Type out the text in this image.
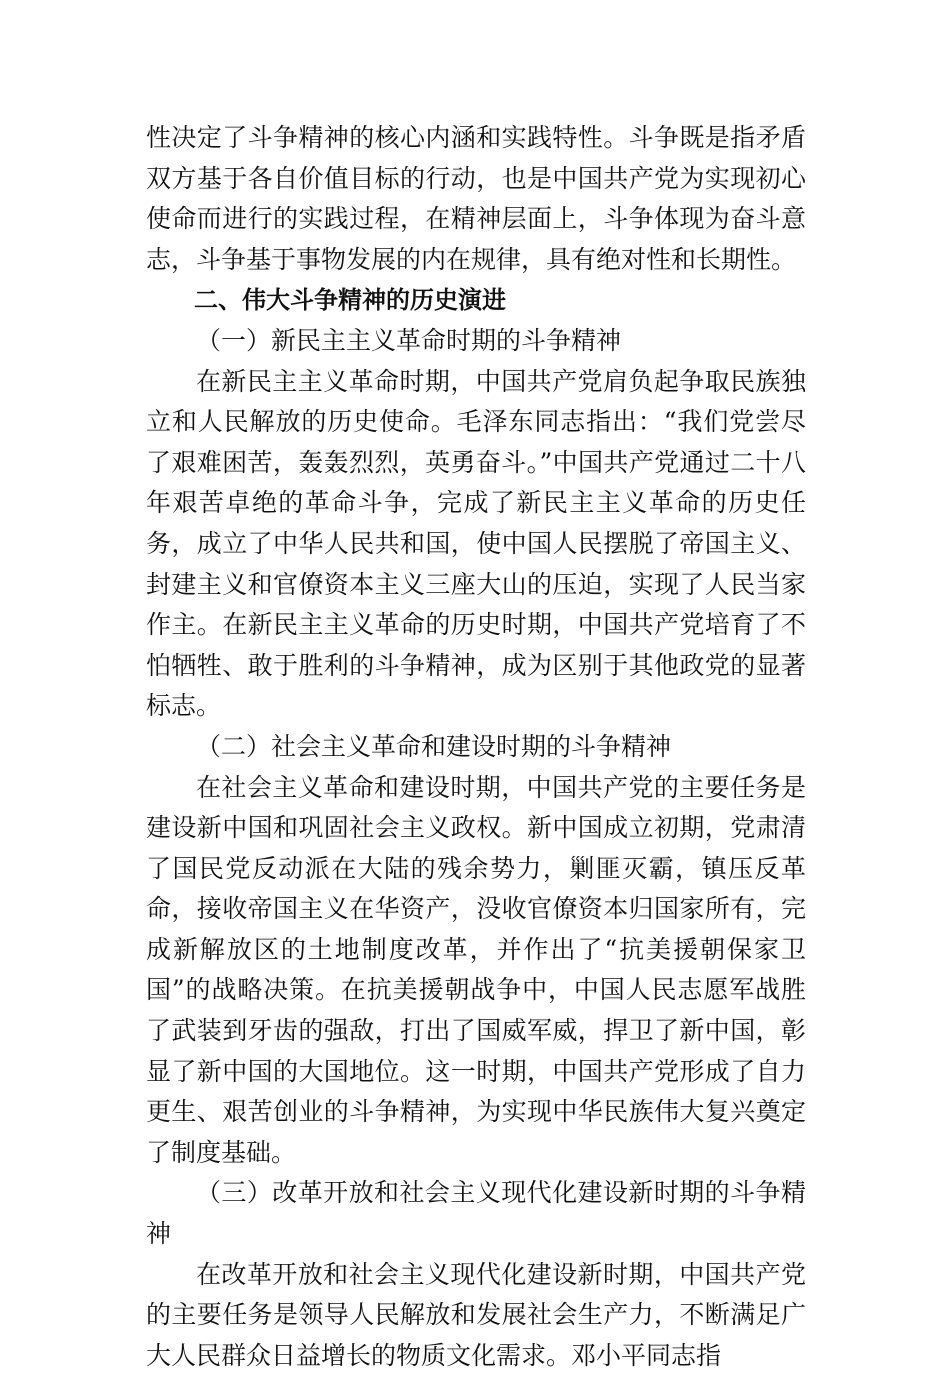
性决定了斗争精神的核心内涵和实践特性。斗争既是指矛盾双方基于各自价值目标的行动，也是中国共产党为实现初心使命而进行的实践过程，在精神层面上，斗争体现为奋斗意志，斗争基于事物发展的内在规律，具有绝对性和长期性。

二、伟大斗争精神的历史演进
（一）新民主主义革命时期的斗争精神

在新民主主义革命时期，中国共产党肩负起争取民族独立和人民解放的历史使命。毛泽东同志指出：“我们党尝尽了艰难困苦，轰轰烈烈，英勇奋斗。”中国共产党通过二十八年艰苦卓绝的革命斗争，完成了新民主主义革命的历史任务，成立了中华人民共和国，使中国人民摆脱了帝国主义、封建主义和官僚资本主义三座大山的压迫，实现了人民当家作主。在新民主主义革命的历史时期，中国共产党培育了不怕牺牲、敢于胜利的斗争精神，成为区别于其他政党的显著标志。

（二）社会主义革命和建设时期的斗争精神

在社会主义革命和建设时期，中国共产党的主要任务是建设新中国和巩固社会主义政权。新中国成立初期，党肃清了国民党反动派在大陆的残余势力，剿匪灭霸，镇压反革命，接收帝国主义在华资产，没收官僚资本归国家所有，完成新解放区的土地制度改革，并作出了“抗美援朝保家卫国”的战略决策。在抗美援朝战争中，中国人民志愿军战胜了武装到牙齿的强敌，打出了国威军威，捍卫了新中国，彰显了新中国的大国地位。这一时期，中国共产党形成了自力更生、艰苦创业的斗争精神，为实现中华民族伟大复兴奠定了制度基础。

（三）改革开放和社会主义现代化建设新时期的斗争精神

在改革开放和社会主义现代化建设新时期，中国共产党的主要任务是领导人民解放和发展社会生产力，不断满足广大人民群众日益增长的物质文化需求。邓小平同志指
